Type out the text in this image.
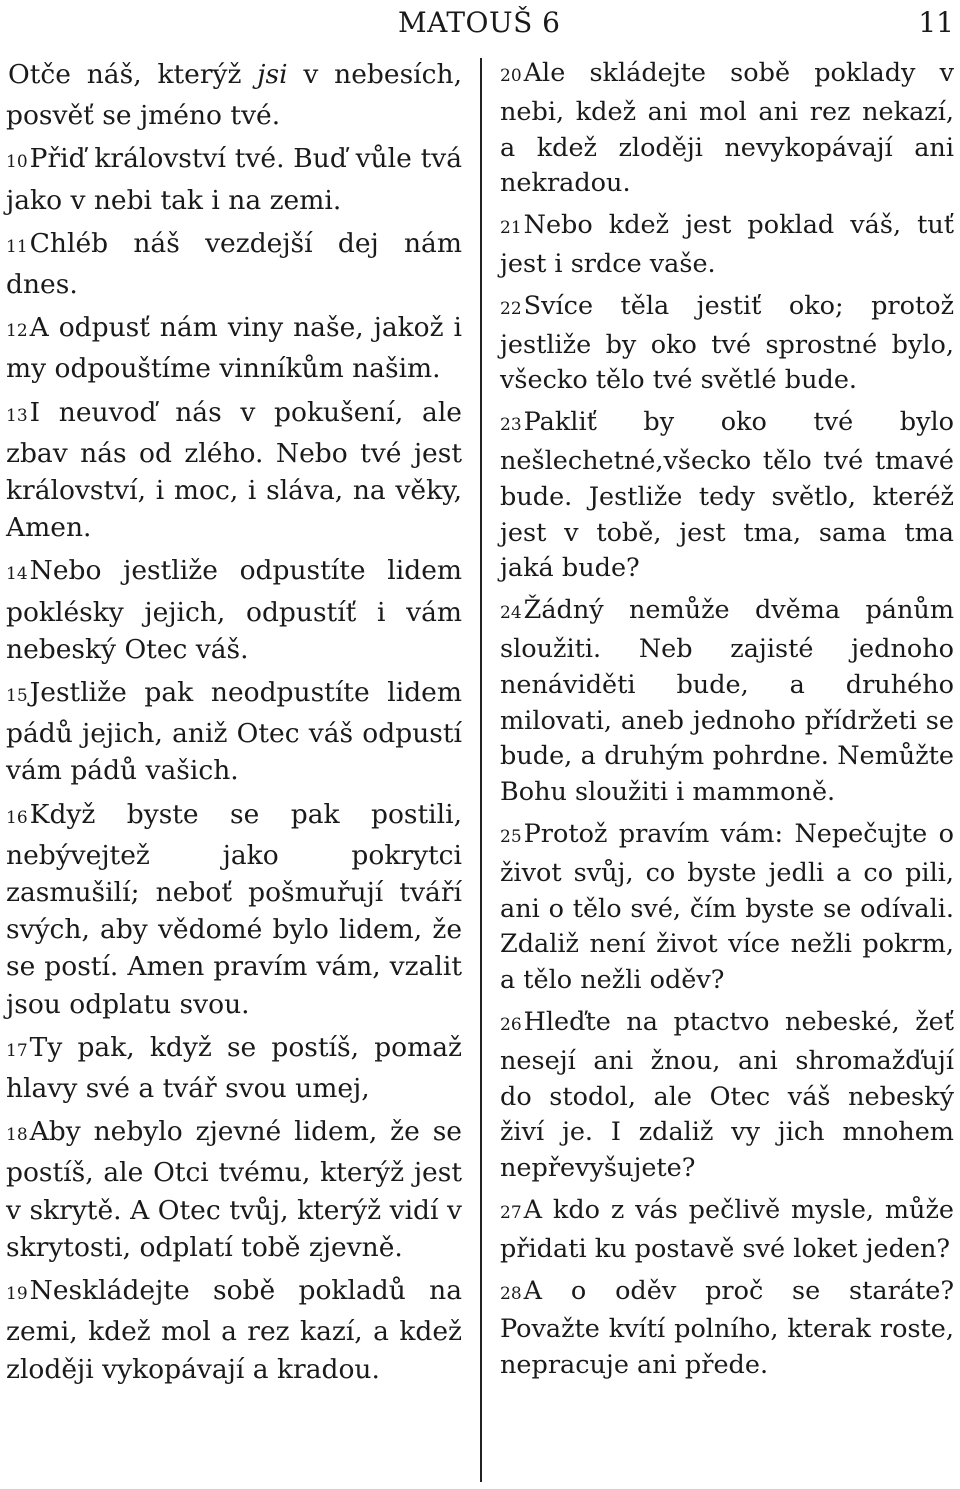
MATOUŠ 6	11

Otče náš, kterýž jsi v nebesích, posvěť se jméno tvé.

10Přiď království tvé. Buď vůle tvá jako v nebi tak i na zemi.

11Chléb náš vezdejší dej nám dnes.

12A odpusť nám viny naše, jakož i my odpouštíme vinníkům našim.

13I neuvoď nás v pokušení, ale zbav nás od zlého. Nebo tvé jest království, i moc, i sláva, na věky, Amen.

14Nebo jestliže odpustíte lidem poklésky jejich, odpustíť i vám nebeský Otec váš.

15Jestliže pak neodpustíte lidem pádů jejich, aniž Otec váš odpustí vám pádů vašich.

16Když byste se pak postili, nebývejtež jako pokrytci zasmušilí; neboť pošmuřují tváří svých, aby vědomé bylo lidem, že se postí. Amen pravím vám, vzalit jsou odplatu svou.

17Ty pak, když se postíš, pomaž hlavy své a tvář svou umej,

18Aby nebylo zjevné lidem, že se postíš, ale Otci tvému, kterýž jest v skrytě. A Otec tvůj, kterýž vidí v skrytosti, odplatí tobě zjevně.

19Neskládejte sobě pokladů na zemi, kdež mol a rez kazí, a kdež zloději vykopávají a kradou.

20Ale skládejte sobě poklady v nebi, kdež ani mol ani rez nekazí, a kdež zloději nevykopávají ani nekradou.

21Nebo kdež jest poklad váš, tuť jest i srdce vaše.

22Svíce těla jestiť oko; protož jestliže by oko tvé sprostné bylo, všecko tělo tvé světlé bude.

23Pakliť by oko tvé bylo nešlechetné,všecko tělo tvé tmavé bude. Jestliže tedy světlo, kteréž jest v tobě, jest tma, sama tma jaká bude?

24Žádný nemůže dvěma pánům sloužiti. Neb zajisté jednoho nenáviděti bude, a druhého milovati, aneb jednoho přídržeti se bude, a druhým pohrdne. Nemůžte Bohu sloužiti i mammoně.

25Protož pravím vám: Nepečujte o život svůj, co byste jedli a co pili, ani o tělo své, čím byste se odívali. Zdaliž není život více nežli pokrm, a tělo nežli oděv?

26Hleďte na ptactvo nebeské, žeť nesejí ani žnou, ani shromažďují do stodol, ale Otec váš nebeský živí je. I zdaliž vy jich mnohem nepřevyšujete?

27A kdo z vás pečlivě mysle, může přidati ku postavě své loket jeden?

28A o oděv proč se staráte? Považte kvítí polního, kterak roste, nepracuje ani přede.
